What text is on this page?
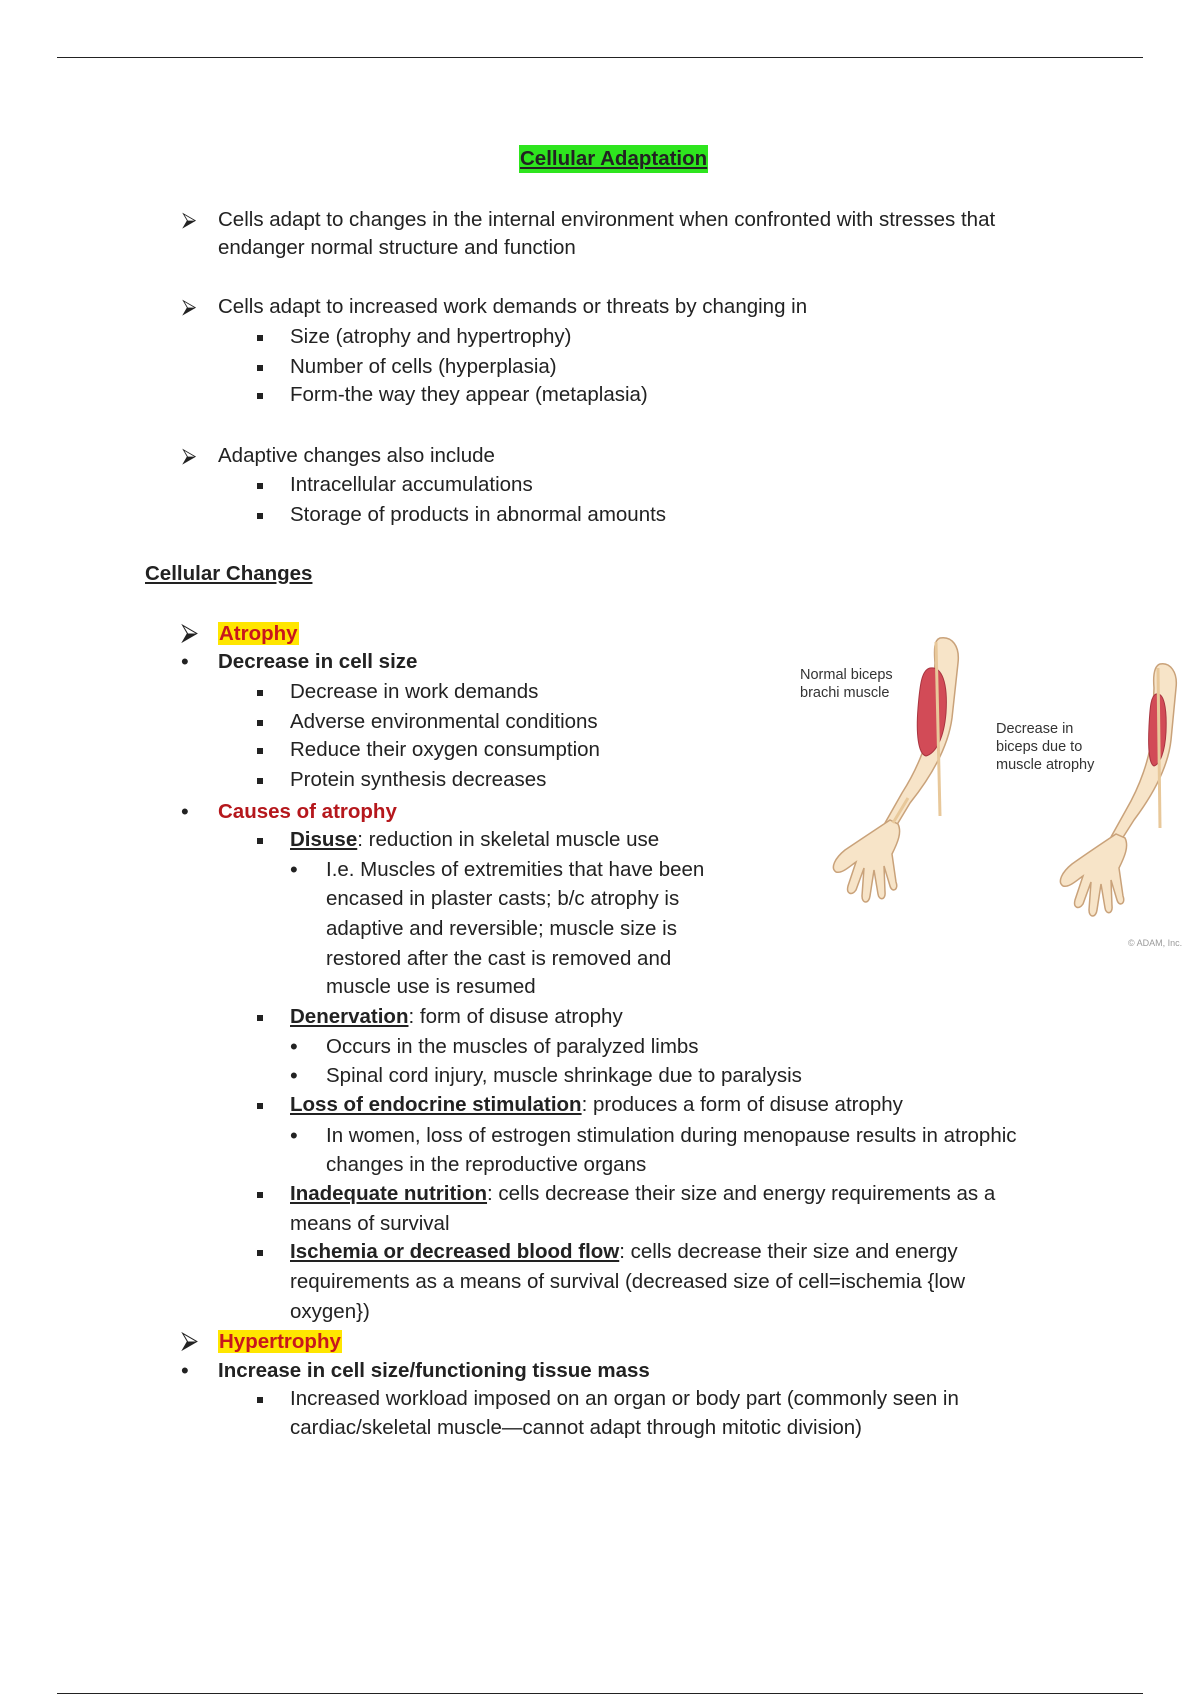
Cellular Adaptation
⮚ Cells adapt to changes in the internal environment when confronted with stresses that
endanger normal structure and function
⮚ Cells adapt to increased work demands or threats by changing in
Size (atrophy and hypertrophy)
Number of cells (hyperplasia)
Form-the way they appear (metaplasia)
⮚ Adaptive changes also include
Intracellular accumulations
Storage of products in abnormal amounts
Cellular Changes
⮚ Atrophy
• Decrease in cell size
Decrease in work demands
Adverse environmental conditions
Reduce their oxygen consumption
Protein synthesis decreases
• Causes of atrophy
Disuse: reduction in skeletal muscle use
• I.e. Muscles of extremities that have been
encased in plaster casts; b/c atrophy is
adaptive and reversible; muscle size is
restored after the cast is removed and
muscle use is resumed
Denervation: form of disuse atrophy
• Occurs in the muscles of paralyzed limbs
• Spinal cord injury, muscle shrinkage due to paralysis
Loss of endocrine stimulation: produces a form of disuse atrophy
• In women, loss of estrogen stimulation during menopause results in atrophic
changes in the reproductive organs
Inadequate nutrition: cells decrease their size and energy requirements as a
means of survival
Ischemia or decreased blood flow: cells decrease their size and energy
requirements as a means of survival (decreased size of cell=ischemia {low
oxygen})
⮚ Hypertrophy
• Increase in cell size/functioning tissue mass
Increased workload imposed on an organ or body part (commonly seen in
cardiac/skeletal muscle—cannot adapt through mitotic division)
Normal biceps
brachi muscle
Decrease in
biceps due to
muscle atrophy
© ADAM, Inc.
